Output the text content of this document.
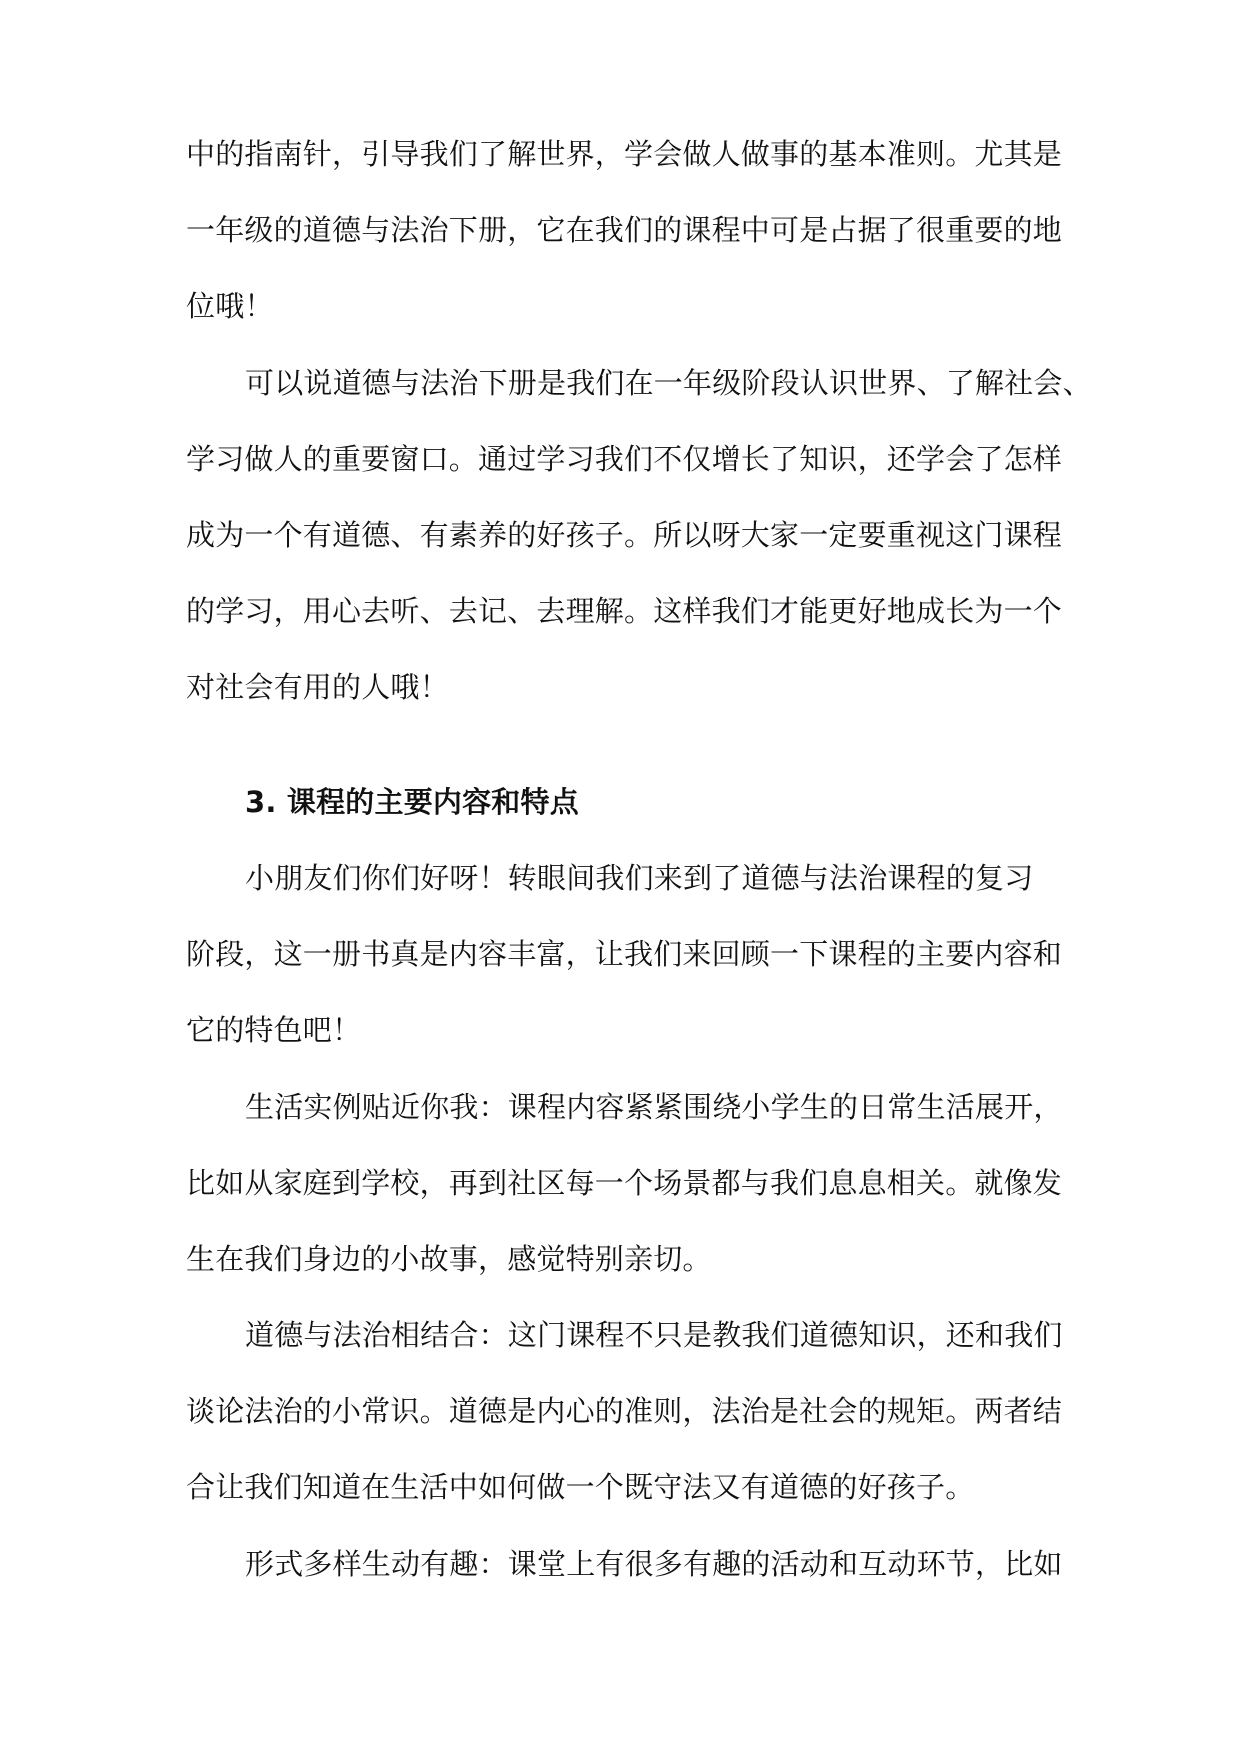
中的指南针，引导我们了解世界，学会做人做事的基本准则。尤其是
一年级的道德与法治下册，它在我们的课程中可是占据了很重要的地
位哦！
可以说道德与法治下册是我们在一年级阶段认识世界、了解社会、
学习做人的重要窗口。通过学习我们不仅增长了知识，还学会了怎样
成为一个有道德、有素养的好孩子。所以呀大家一定要重视这门课程
的学习，用心去听、去记、去理解。这样我们才能更好地成长为一个
对社会有用的人哦！
3. 课程的主要内容和特点
小朋友们你们好呀！转眼间我们来到了道德与法治课程的复习
阶段，这一册书真是内容丰富，让我们来回顾一下课程的主要内容和
它的特色吧！
生活实例贴近你我：课程内容紧紧围绕小学生的日常生活展开，
比如从家庭到学校，再到社区每一个场景都与我们息息相关。就像发
生在我们身边的小故事，感觉特别亲切。
道德与法治相结合：这门课程不只是教我们道德知识，还和我们
谈论法治的小常识。道德是内心的准则，法治是社会的规矩。两者结
合让我们知道在生活中如何做一个既守法又有道德的好孩子。
形式多样生动有趣：课堂上有很多有趣的活动和互动环节，比如
